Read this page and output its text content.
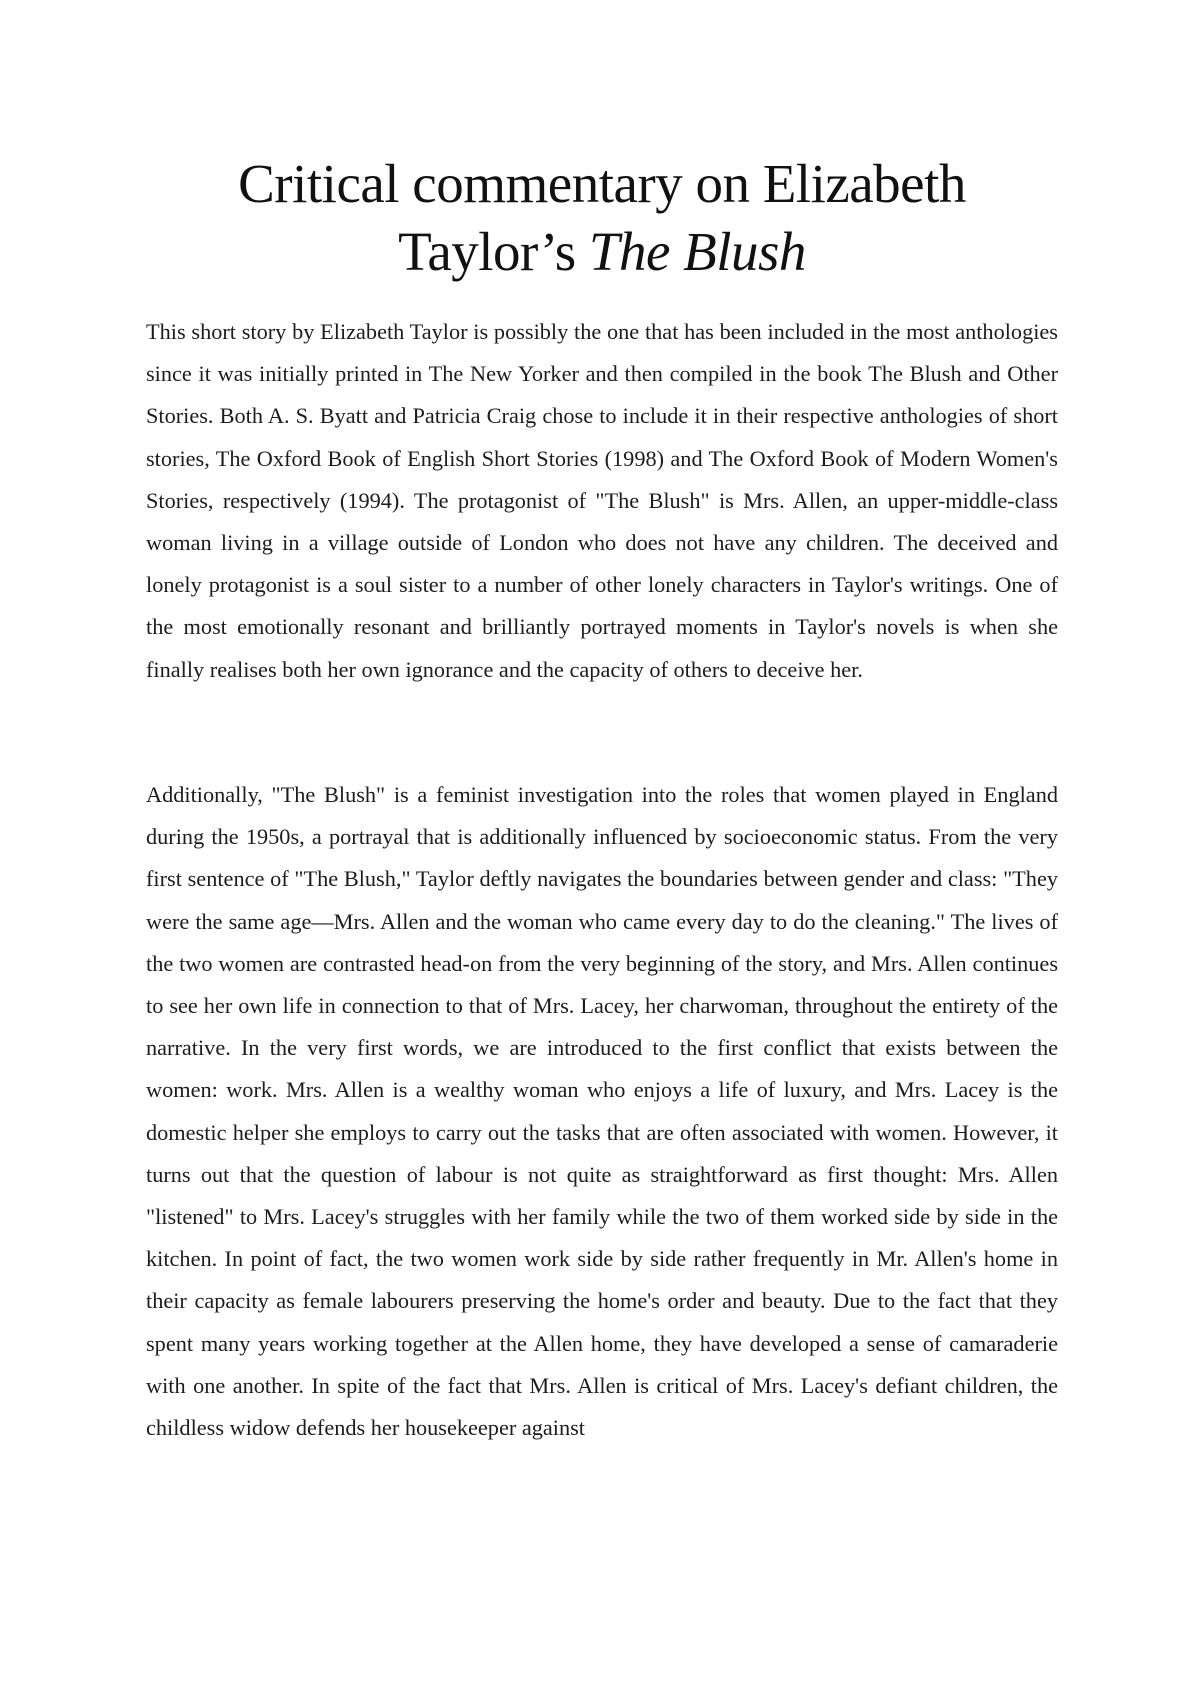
Critical commentary on Elizabeth
Taylor’s The Blush

This short story by Elizabeth Taylor is possibly the one that has been included in the most anthologies since it was initially printed in The New Yorker and then compiled in the book The Blush and Other Stories. Both A. S. Byatt and Patricia Craig chose to include it in their respective anthologies of short stories, The Oxford Book of English Short Stories (1998) and The Oxford Book of Modern Women's Stories, respectively (1994). The protagonist of "The Blush" is Mrs. Allen, an upper-middle-class woman living in a village outside of London who does not have any children. The deceived and lonely protagonist is a soul sister to a number of other lonely characters in Taylor's writings. One of the most emotionally resonant and brilliantly portrayed moments in Taylor's novels is when she finally realises both her own ignorance and the capacity of others to deceive her.

Additionally, "The Blush" is a feminist investigation into the roles that women played in England during the 1950s, a portrayal that is additionally influenced by socioeconomic status. From the very first sentence of "The Blush," Taylor deftly navigates the boundaries between gender and class: "They were the same age—Mrs. Allen and the woman who came every day to do the cleaning." The lives of the two women are contrasted head-on from the very beginning of the story, and Mrs. Allen continues to see her own life in connection to that of Mrs. Lacey, her charwoman, throughout the entirety of the narrative. In the very first words, we are introduced to the first conflict that exists between the women: work. Mrs. Allen is a wealthy woman who enjoys a life of luxury, and Mrs. Lacey is the domestic helper she employs to carry out the tasks that are often associated with women. However, it turns out that the question of labour is not quite as straightforward as first thought: Mrs. Allen "listened" to Mrs. Lacey's struggles with her family while the two of them worked side by side in the kitchen. In point of fact, the two women work side by side rather frequently in Mr. Allen's home in their capacity as female labourers preserving the home's order and beauty. Due to the fact that they spent many years working together at the Allen home, they have developed a sense of camaraderie with one another. In spite of the fact that Mrs. Allen is critical of Mrs. Lacey's defiant children, the childless widow defends her housekeeper against
